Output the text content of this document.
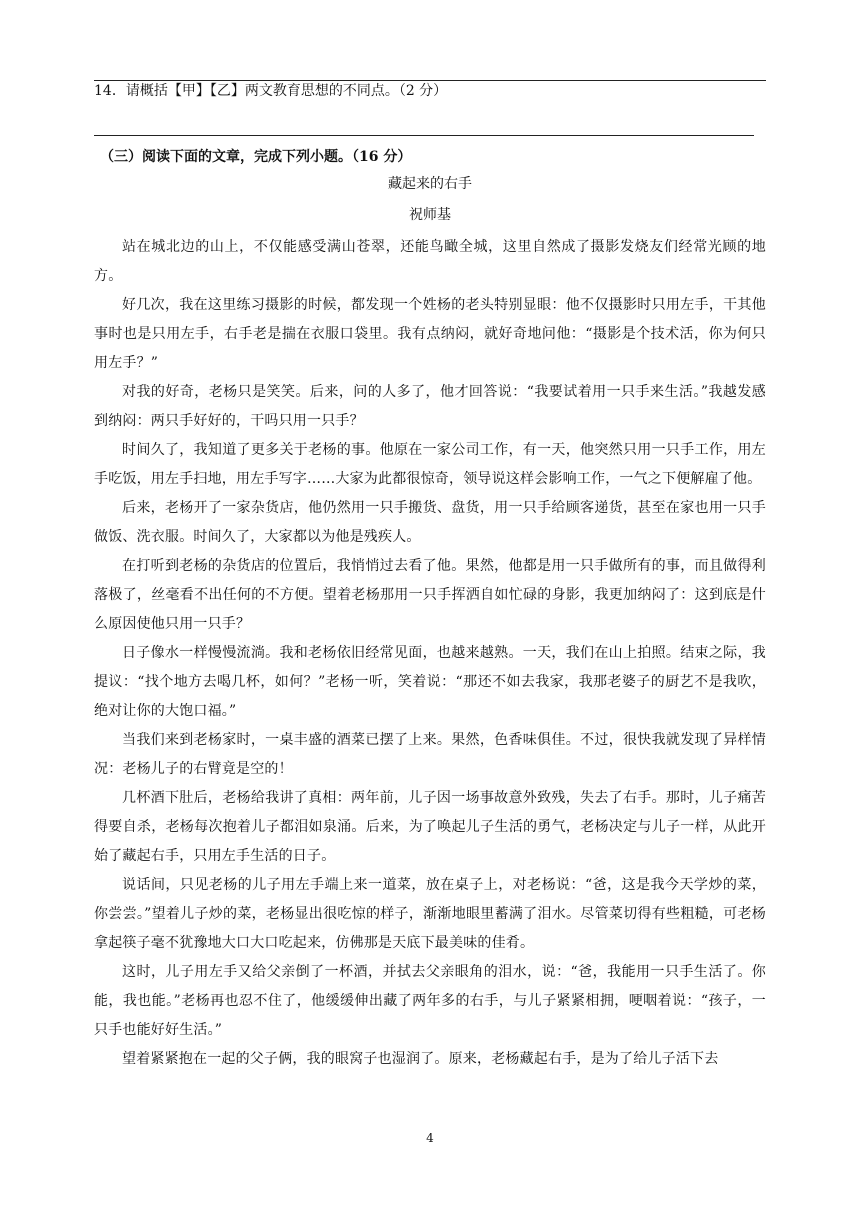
14．请概括【甲】【乙】两文教育思想的不同点。（2 分）
（三）阅读下面的文章，完成下列小题。（16 分）
藏起来的右手
祝师基

站在城北边的山上，不仅能感受满山苍翠，还能鸟瞰全城，这里自然成了摄影发烧友们经常光顾的地方。

好几次，我在这里练习摄影的时候，都发现一个姓杨的老头特别显眼：他不仅摄影时只用左手，干其他事时也是只用左手，右手老是揣在衣服口袋里。我有点纳闷，就好奇地问他：“摄影是个技术活，你为何只用左手？”

对我的好奇，老杨只是笑笑。后来，问的人多了，他才回答说：“我要试着用一只手来生活。”我越发感到纳闷：两只手好好的，干吗只用一只手？

时间久了，我知道了更多关于老杨的事。他原在一家公司工作，有一天，他突然只用一只手工作，用左手吃饭，用左手扫地，用左手写字……大家为此都很惊奇，领导说这样会影响工作，一气之下便解雇了他。

后来，老杨开了一家杂货店，他仍然用一只手搬货、盘货，用一只手给顾客递货，甚至在家也用一只手做饭、洗衣服。时间久了，大家都以为他是残疾人。

在打听到老杨的杂货店的位置后，我悄悄过去看了他。果然，他都是用一只手做所有的事，而且做得利落极了，丝毫看不出任何的不方便。望着老杨那用一只手挥洒自如忙碌的身影，我更加纳闷了：这到底是什么原因使他只用一只手？

日子像水一样慢慢流淌。我和老杨依旧经常见面，也越来越熟。一天，我们在山上拍照。结束之际，我提议：“找个地方去喝几杯，如何？”老杨一听，笑着说：“那还不如去我家，我那老婆子的厨艺不是我吹，绝对让你的大饱口福。”

当我们来到老杨家时，一桌丰盛的酒菜已摆了上来。果然，色香味俱佳。不过，很快我就发现了异样情况：老杨儿子的右臂竟是空的！

几杯酒下肚后，老杨给我讲了真相：两年前，儿子因一场事故意外致残，失去了右手。那时，儿子痛苦得要自杀，老杨每次抱着儿子都泪如泉涌。后来，为了唤起儿子生活的勇气，老杨决定与儿子一样，从此开始了藏起右手，只用左手生活的日子。

说话间，只见老杨的儿子用左手端上来一道菜，放在桌子上，对老杨说：“爸，这是我今天学炒的菜，你尝尝。”望着儿子炒的菜，老杨显出很吃惊的样子，渐渐地眼里蓄满了泪水。尽管菜切得有些粗糙，可老杨拿起筷子毫不犹豫地大口大口吃起来，仿佛那是天底下最美味的佳肴。

这时，儿子用左手又给父亲倒了一杯酒，并拭去父亲眼角的泪水，说：“爸，我能用一只手生活了。你能，我也能。”老杨再也忍不住了，他缓缓伸出藏了两年多的右手，与儿子紧紧相拥，哽咽着说：“孩子，一只手也能好好生活。”

望着紧紧抱在一起的父子俩，我的眼窝子也湿润了。原来，老杨藏起右手，是为了给儿子活下去

4
